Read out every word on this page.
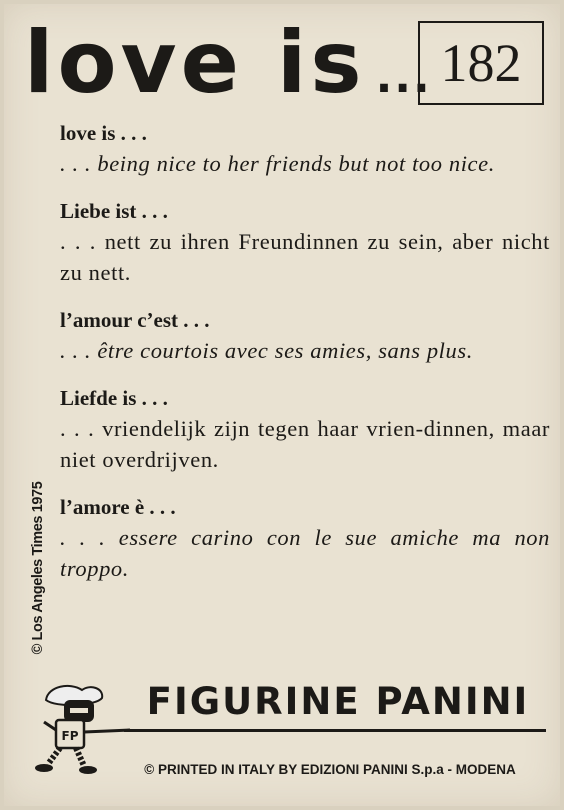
love is ... 182
© Los Angeles Times 1975
love is . . .
. . . being nice to her friends but not too nice.
Liebe ist . . .
. . . nett zu ihren Freundinnen zu sein, aber nicht zu nett.
l’amour c’est . . .
. . . être courtois avec ses amies, sans plus.
Liefde is . . .
. . . vriendelijk zijn tegen haar vrien-dinnen, maar niet overdrijven.
l’amore è . . .
. . . essere carino con le sue amiche ma non troppo.
FP
FIGURINE PANINI
© PRINTED IN ITALY BY EDIZIONI PANINI S.p.a - MODENA
